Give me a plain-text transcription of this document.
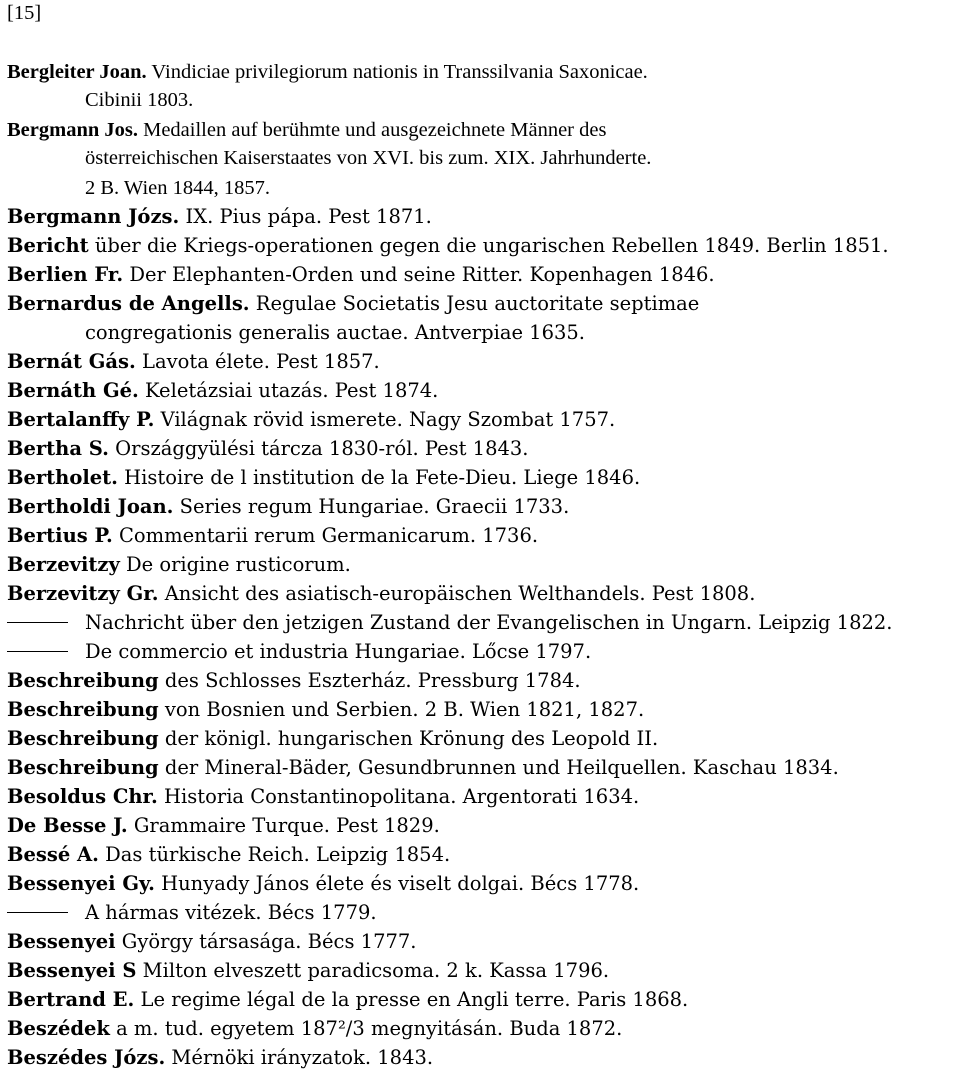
[15]
Bergleiter Joan. Vindiciae privilegiorum nationis in Transsilvania Saxonicae.
Cibinii 1803.
Bergmann Jos. Medaillen auf berühmte und ausgezeichnete Männer des
österreichischen Kaiserstaates von XVI. bis zum. XIX. Jahrhunderte.
2 B. Wien 1844, 1857.
Bergmann Józs. IX. Pius pápa. Pest 1871.
Bericht über die Kriegs-operationen gegen die ungarischen Rebellen 1849. Berlin 1851.
Berlien Fr. Der Elephanten-Orden und seine Ritter. Kopenhagen 1846.
Bernardus de Angells. Regulae Societatis Jesu auctoritate septimae
congregationis generalis auctae. Antverpiae 1635.
Bernát Gás. Lavota élete. Pest 1857.
Bernáth Gé. Keletázsiai utazás. Pest 1874.
Bertalanffy P. Világnak rövid ismerete. Nagy Szombat 1757.
Bertha S. Országgyülési tárcza 1830-ról. Pest 1843.
Bertholet. Histoire de l institution de la Fete-Dieu. Liege 1846.
Bertholdi Joan. Series regum Hungariae. Graecii 1733.
Bertius P. Commentarii rerum Germanicarum. 1736.
Berzevitzy De origine rusticorum.
Berzevitzy Gr. Ansicht des asiatisch-europäischen Welthandels. Pest 1808.
Nachricht über den jetzigen Zustand der Evangelischen in Ungarn. Leipzig 1822.
De commercio et industria Hungariae. Lőcse 1797.
Beschreibung des Schlosses Eszterház. Pressburg 1784.
Beschreibung von Bosnien und Serbien. 2 B. Wien 1821, 1827.
Beschreibung der königl. hungarischen Krönung des Leopold II.
Beschreibung der Mineral-Bäder, Gesundbrunnen und Heilquellen. Kaschau 1834.
Besoldus Chr. Historia Constantinopolitana. Argentorati 1634.
De Besse J. Grammaire Turque. Pest 1829.
Bessé A. Das türkische Reich. Leipzig 1854.
Bessenyei Gy. Hunyady János élete és viselt dolgai. Bécs 1778.
A hármas vitézek. Bécs 1779.
Bessenyei György társasága. Bécs 1777.
Bessenyei S Milton elveszett paradicsoma. 2 k. Kassa 1796.
Bertrand E. Le regime légal de la presse en Angli terre. Paris 1868.
Beszédek a m. tud. egyetem 187²/3 megnyitásán. Buda 1872.
Beszédes Józs. Mérnöki irányzatok. 1843.
